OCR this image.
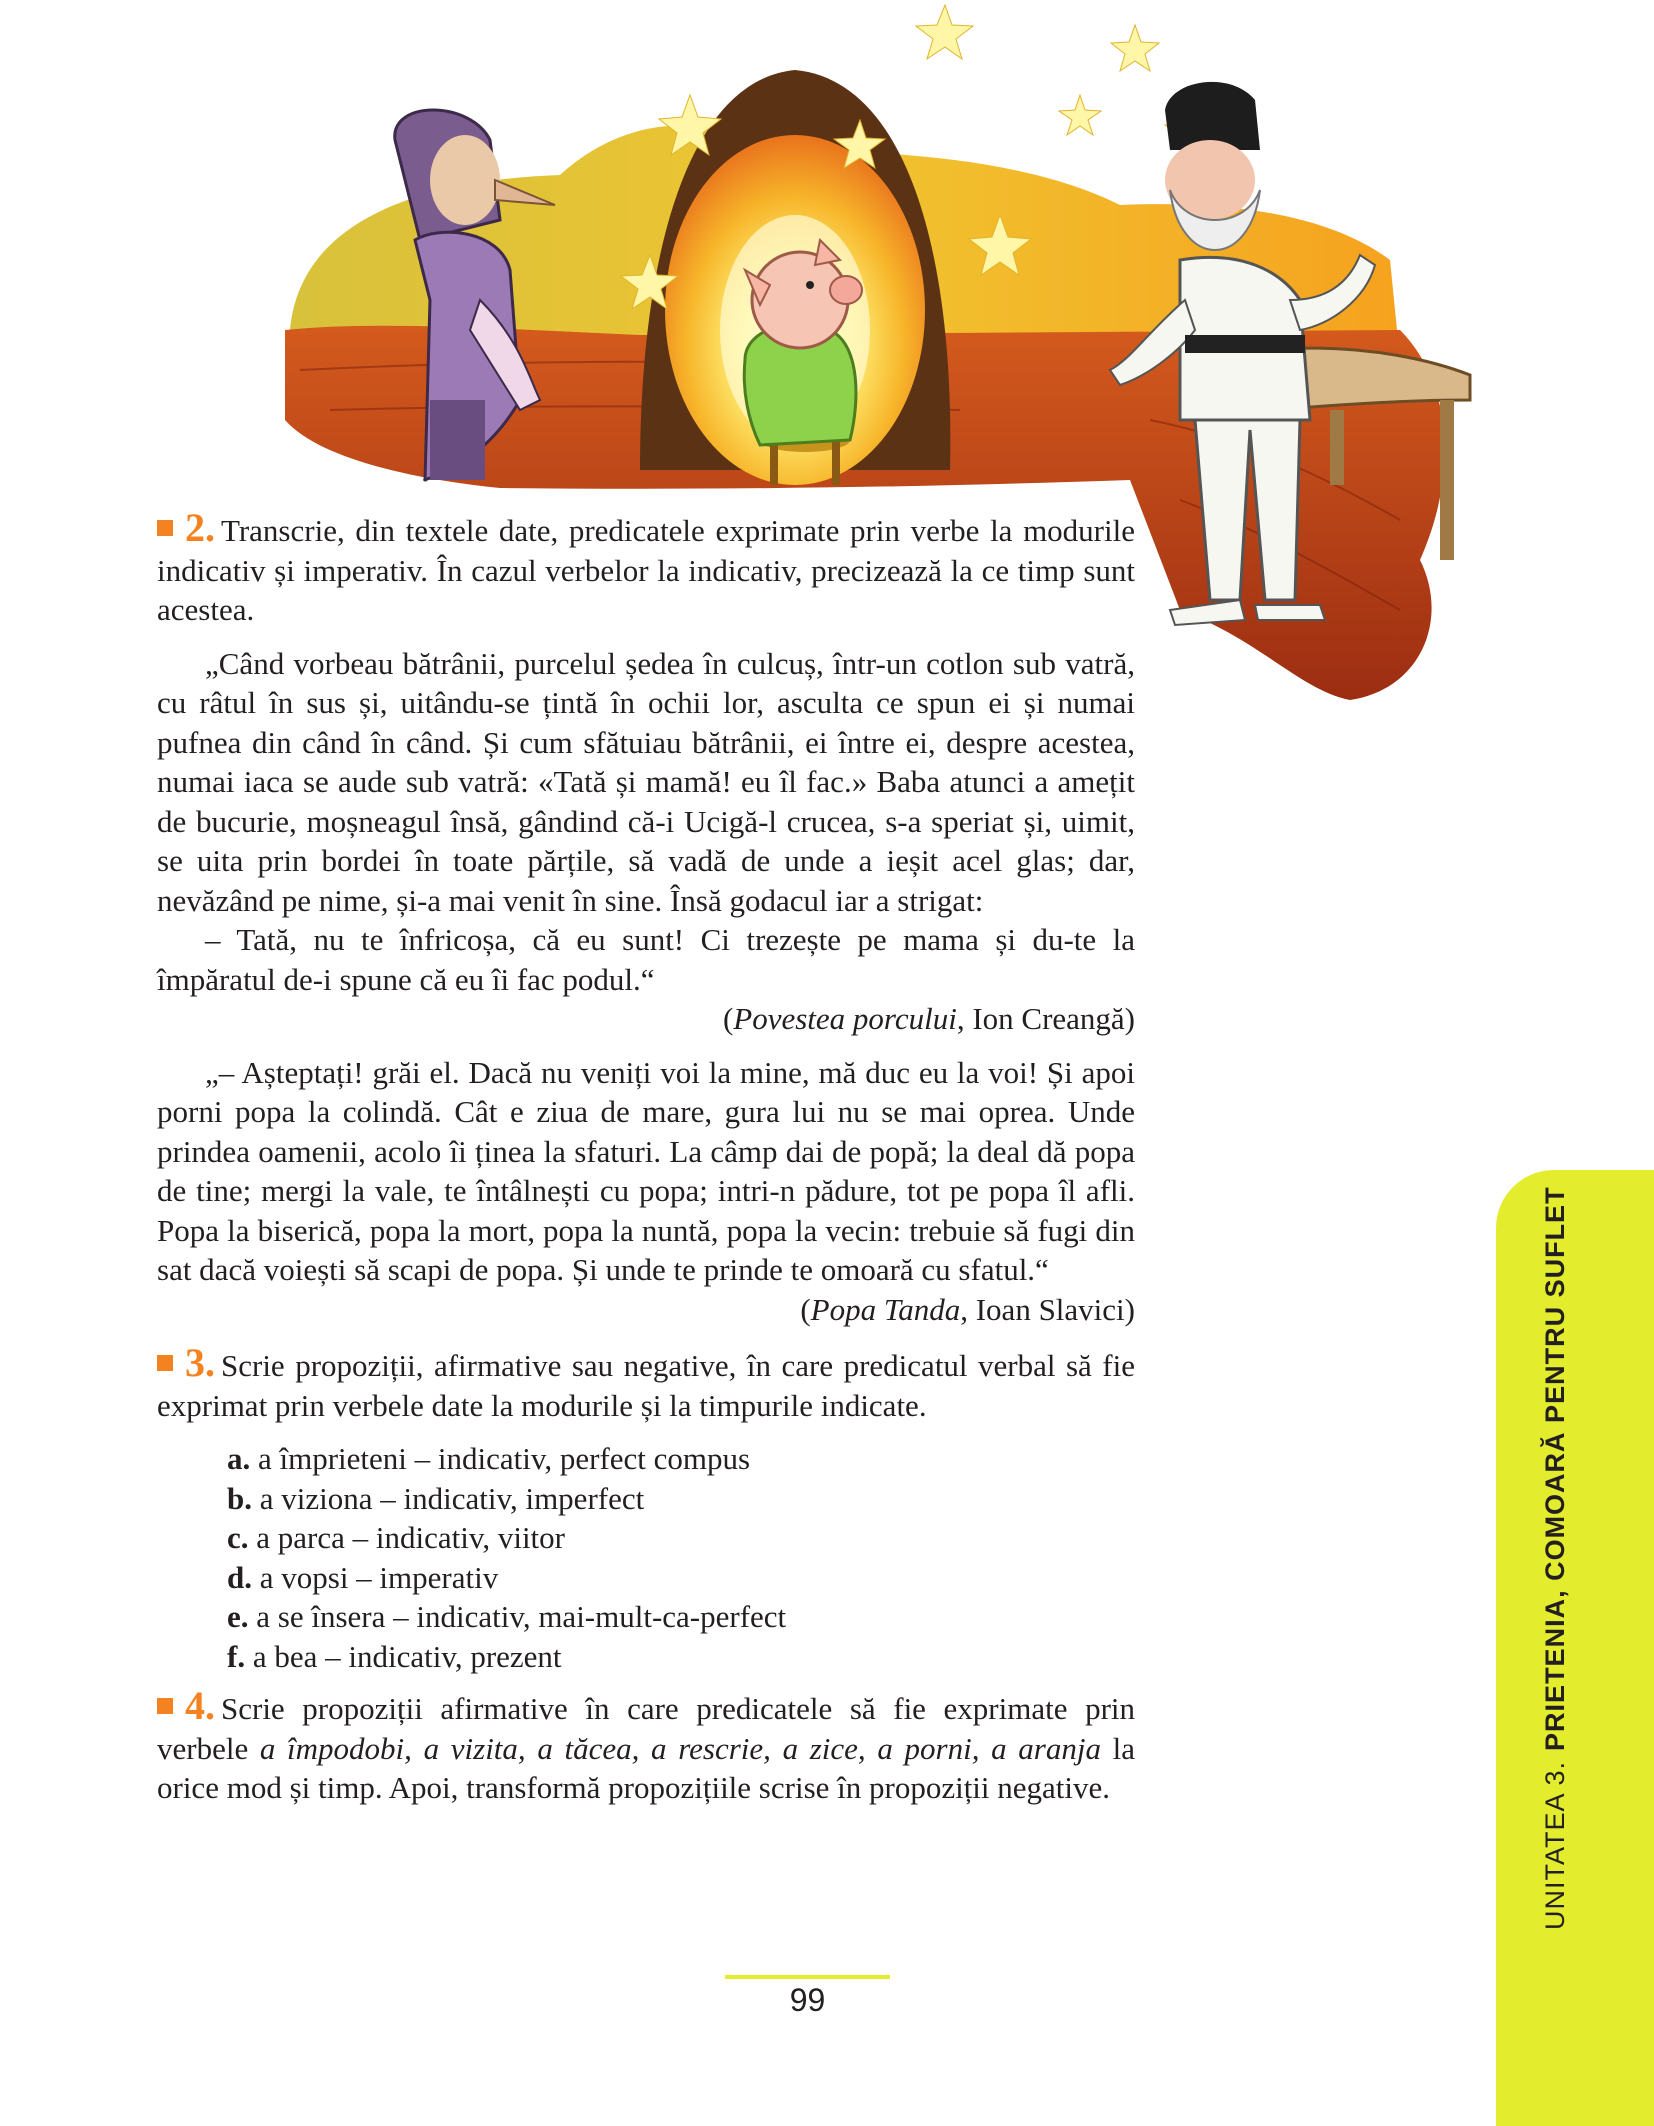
2. Transcrie, din textele date, predicatele exprimate prin verbe la modurile indicativ și imperativ. În cazul verbelor la indicativ, precizează la ce timp sunt acestea.

„Când vorbeau bătrânii, purcelul ședea în culcuș, într-un cotlon sub vatră, cu râtul în sus și, uitându-se țintă în ochii lor, asculta ce spun ei și numai pufnea din când în când. Și cum sfătuiau bătrânii, ei între ei, despre acestea, numai iaca se aude sub vatră: «Tată și mamă! eu îl fac.» Baba atunci a amețit de bucurie, moșneagul însă, gândind că-i Ucigă-l crucea, s-a speriat și, uimit, se uita prin bordei în toate părțile, să vadă de unde a ieșit acel glas; dar, nevăzând pe nime, și-a mai venit în sine. Însă godacul iar a strigat:

– Tată, nu te înfricoșa, că eu sunt! Ci trezește pe mama și du-te la împăratul de-i spune că eu îi fac podul.“

(Povestea porcului, Ion Creangă)

„– Așteptați! grăi el. Dacă nu veniți voi la mine, mă duc eu la voi! Și apoi porni popa la colindă. Cât e ziua de mare, gura lui nu se mai oprea. Unde prindea oamenii, acolo îi ținea la sfaturi. La câmp dai de popă; la deal dă popa de tine; mergi la vale, te întâlnești cu popa; intri-n pădure, tot pe popa îl afli. Popa la biserică, popa la mort, popa la nuntă, popa la vecin: trebuie să fugi din sat dacă voiești să scapi de popa. Și unde te prinde te omoară cu sfatul.“

(Popa Tanda, Ioan Slavici)
3. Scrie propoziții, afirmative sau negative, în care predicatul verbal să fie exprimat prin verbele date la modurile și la timpurile indicate.

a. a împrieteni – indicativ, perfect compus

b. a viziona – indicativ, imperfect

c. a parca – indicativ, viitor

d. a vopsi – imperativ

e. a se însera – indicativ, mai-mult-ca-perfect

f. a bea – indicativ, prezent

4. Scrie propoziții afirmative în care predicatele să fie exprimate prin verbele a împodobi, a vizita, a tăcea, a rescrie, a zice, a porni, a aranja la orice mod și timp. Apoi, transformă propozițiile scrise în propoziții negative.
99
UNITATEA 3.PRIETENIA, COMOARĂ PENTRU SUFLET
